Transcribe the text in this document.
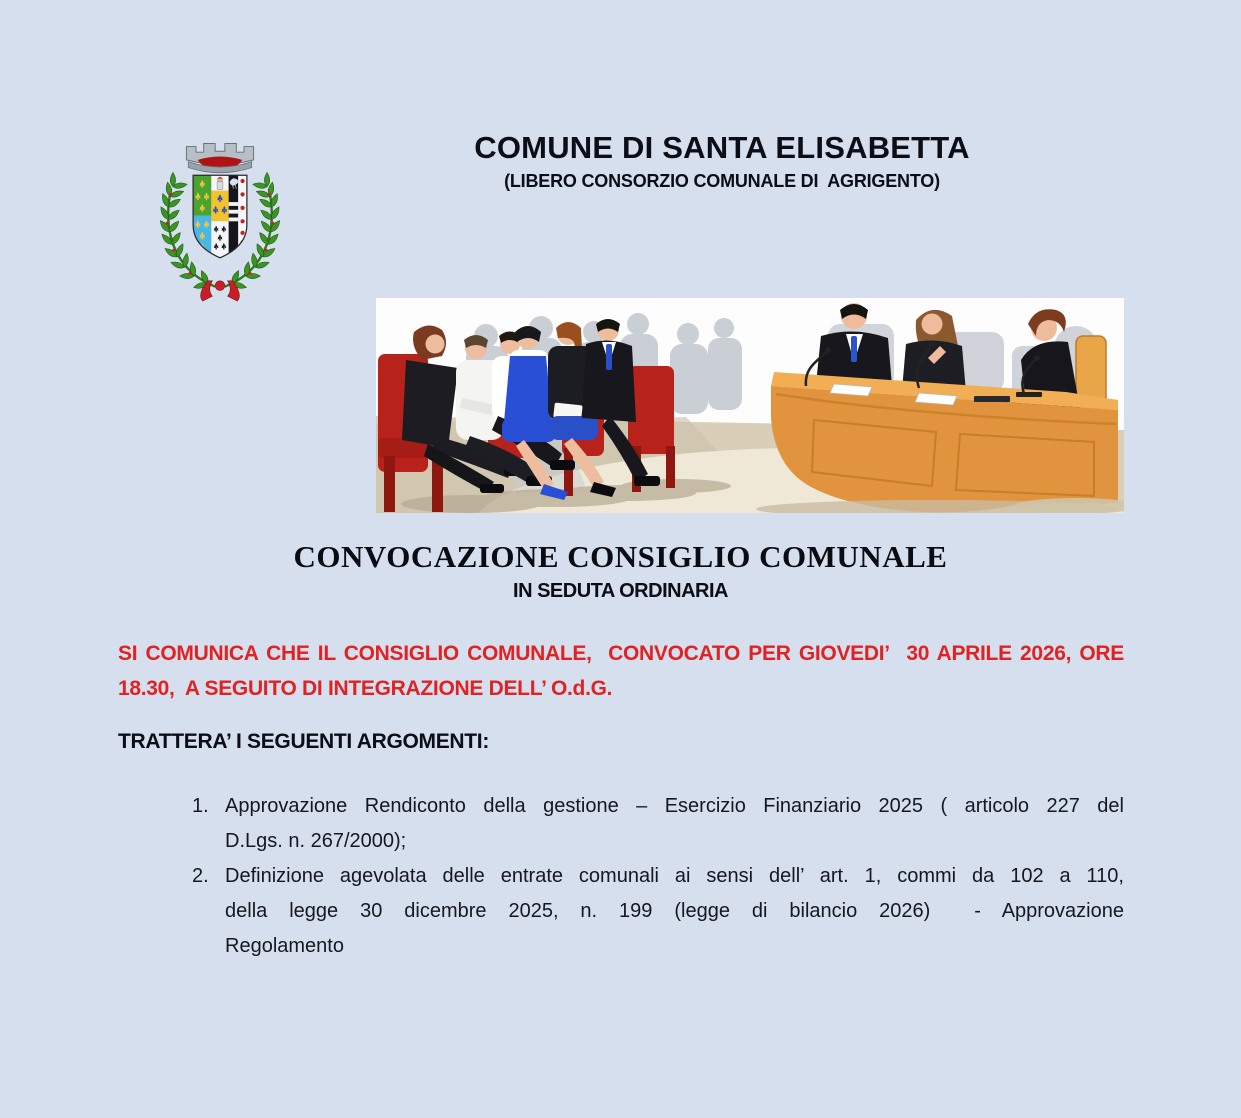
COMUNE DI SANTA ELISABETTA
(LIBERO CONSORZIO COMUNALE DI  AGRIGENTO)
CONVOCAZIONE CONSIGLIO COMUNALE
IN SEDUTA ORDINARIA
SI COMUNICA CHE IL CONSIGLIO COMUNALE,  CONVOCATO PER GIOVEDI’  30 APRILE 2026, ORE
18.30,  A SEGUITO DI INTEGRAZIONE DELL’ O.d.G.
TRATTERA’ I SEGUENTI ARGOMENTI:
1. Approvazione Rendiconto della gestione – Esercizio Finanziario 2025 ( articolo 227 del
D.Lgs. n. 267/2000);
2. Definizione agevolata delle entrate comunali ai sensi dell’ art. 1, commi da 102 a 110,
della legge 30 dicembre 2025, n. 199 (legge di bilancio 2026)  - Approvazione
Regolamento
